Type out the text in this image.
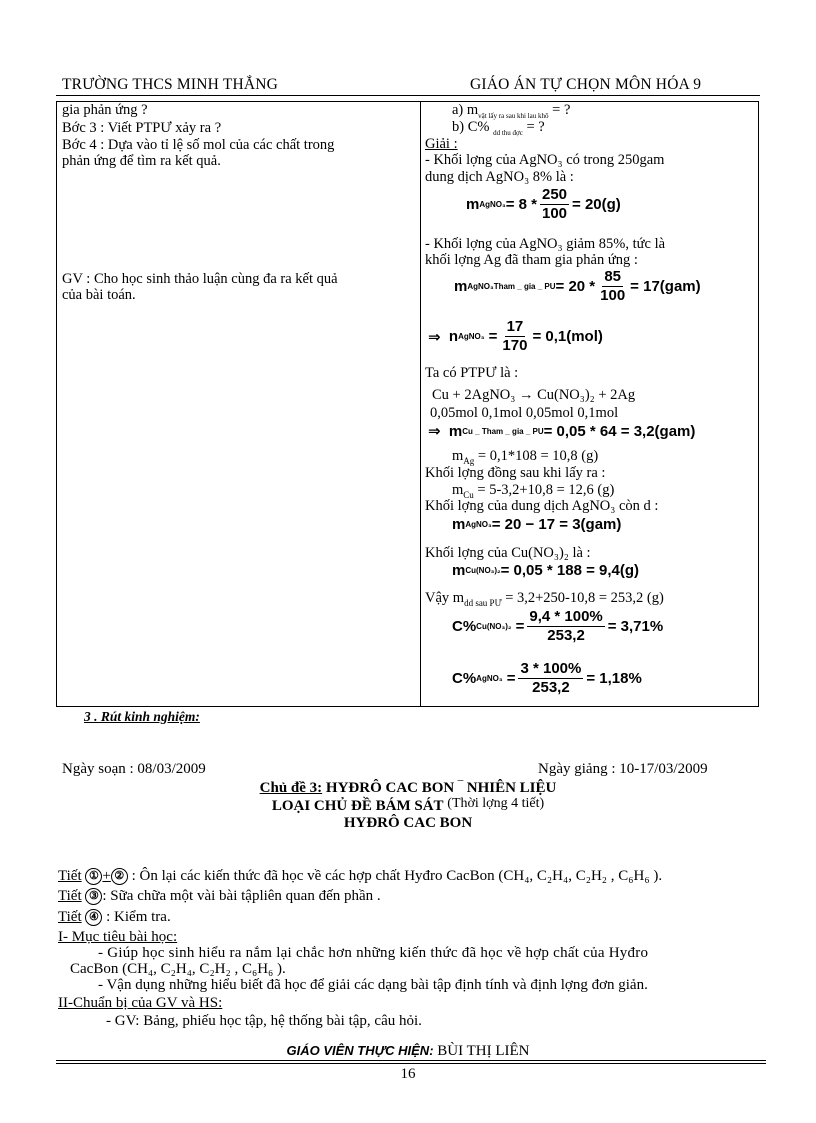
TRƯỜNG THCS MINH THẮNG	GIÁO ÁN TỰ CHỌN MÔN HÓA 9
gia phản ứng ?
Bớc 3 : Viết PTPƯ xảy ra ?
Bớc 4 : Dựa vào tỉ lệ số mol của các chất trong
phản ứng để tìm ra kết quả.
GV : Cho học sinh thảo luận cùng đa ra kết quả
của bài toán.
a) $m_{vật lấy ra sau khi lau khô}$ = ?
b) C% $_{dd thu đợc}$ = ?
Giải :
- Khối lợng của AgNO₃ có trong 250gam
dung dịch AgNO₃ 8% là :
m AgNO₃ = $8 * \frac{250}{100} = 20(g)$
- Khối lợng của AgNO₃ giảm 85%, tức là
khối lợng Ag đã tham gia phản ứng :
m AgNO₃Tham _ gia _ PU = $20 * \frac{85}{100} = 17(gam)$
⇒
n AgNO₃ = $\frac{17}{170} = 0,1(mol)$
Ta có PTPƯ là :
Cu + 2AgNO₃ → Cu(NO₃)₂ + 2Ag
0,05mol 0,1mol 0,05mol 0,1mol
⇒
m Cu _ Tham _ gia _ PU = 0,05 * 64 = 3,2(gam)
$m_{Ag} = 0,1*108 = 10,8$ (g)
Khối lợng đồng sau khi lấy ra :
$m_{Cu} = 5-3,2+10,8 = 12,6$ (g)
Khối lợng của dung dịch AgNO₃ còn d :
m AgNO₃ = 20 − 17 = 3(gam)
Khối lợng của Cu(NO₃)₂ là :
m Cu(NO₃)₂ = 0,05 * 188 = 9,4(g)
Vậy $m_{dd sau PƯ} = 3,2+250-10,8 = 253,2$ (g)
C% $Cu(NO_3)_2 = \frac{9,4 * 100\%}{253,2} = 3,71\%$
C% AgNO₃ = $\frac{3 * 100\%}{253,2} = 1,18\%$
3 . Rút kinh nghiệm:
Ngày soạn : 08/03/2009	Ngày giảng : 10-17/03/2009
Chủ đề 3: HYĐRÔ CAC BON ‾ NHIÊN LIỆU
LOẠI CHỦ ĐỀ BÁM SÁT (Thời lợng 4 tiết)
HYĐRÔ CAC BON
Tiết ① + ② : Ôn lại các kiến thức đã học về các hợp chất Hyđro CacBon (CH₄, C₂H₄, C₂H₂ , C₆H₆ ).
Tiết ③ : Sữa chữa một vài bài tậpliên quan đến phần .
Tiết ④ : Kiểm tra.
I- Mục tiêu bài học:
- Giúp học sinh hiểu ra nắm lại chắc hơn những kiến thức đã học về hợp chất của Hyđro
CacBon (CH₄, C₂H₄, C₂H₂ , C₆H₆ ).
- Vận dụng những hiểu biết đã học để giải các dạng bài tập định tính và định lợng đơn giản.
II-Chuẩn bị của GV và HS:
- GV: Bảng, phiếu học tập, hệ thống bài tập, câu hỏi.
GIÁO VIÊN THỰC HIỆN: BÙI THỊ LIÊN
16
